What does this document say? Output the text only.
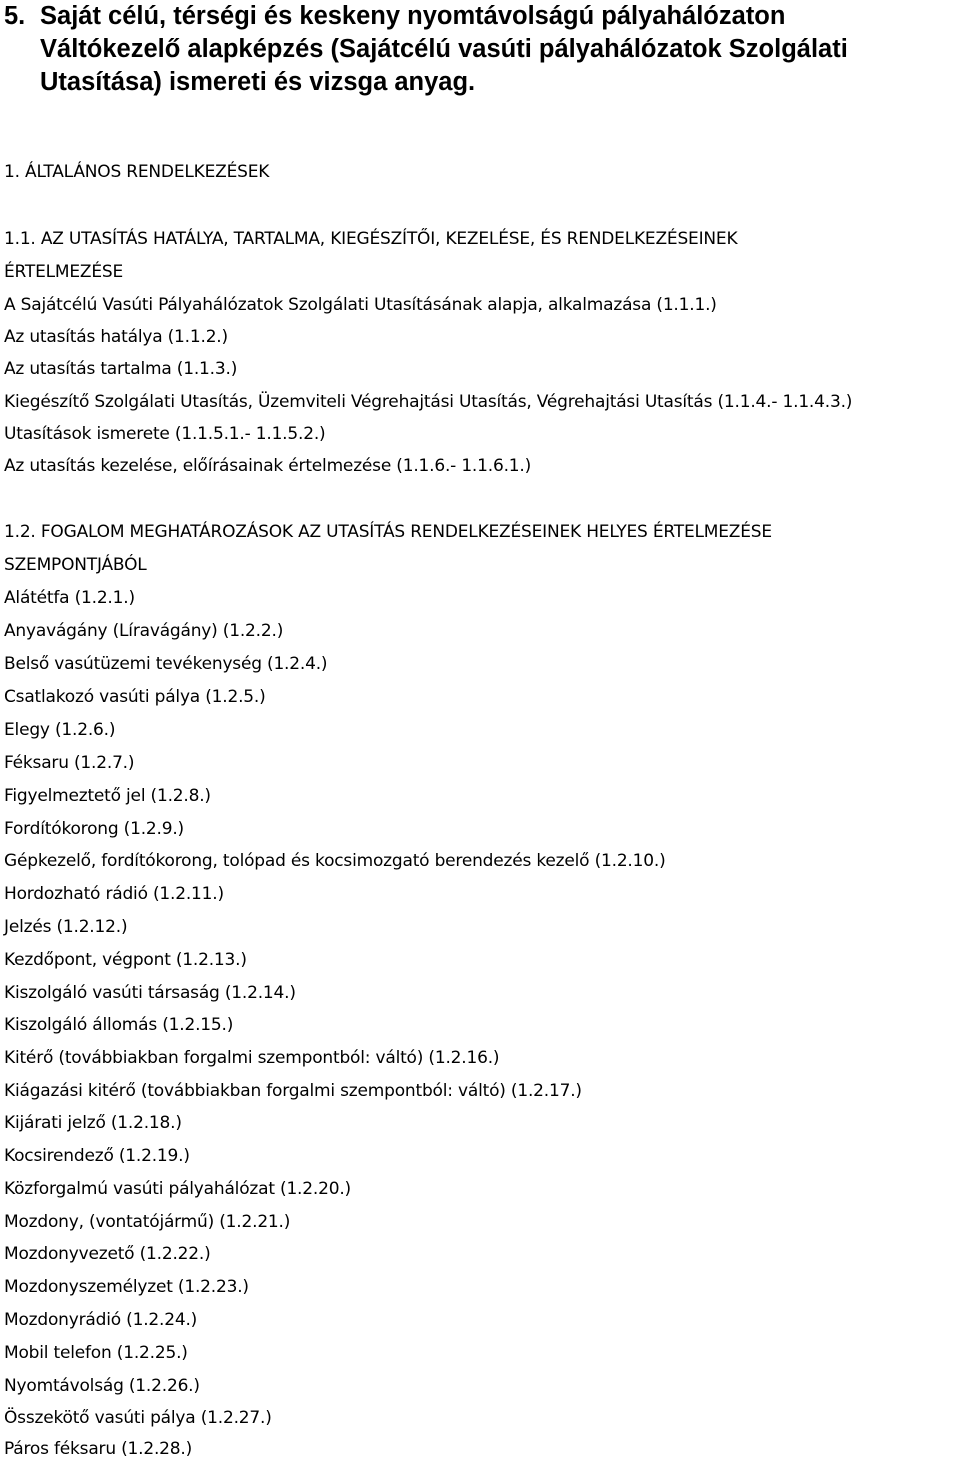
5. Saját célú, térségi és keskeny nyomtávolságú pályahálózaton
Váltókezelő alapképzés (Sajátcélú vasúti pályahálózatok Szolgálati
Utasítása) ismereti és vizsga anyag.
1. ÁLTALÁNOS RENDELKEZÉSEK
1.1. AZ UTASÍTÁS HATÁLYA, TARTALMA, KIEGÉSZÍTŐI, KEZELÉSE, ÉS RENDELKEZÉSEINEK
ÉRTELMEZÉSE
A Sajátcélú Vasúti Pályahálózatok Szolgálati Utasításának alapja, alkalmazása (1.1.1.)
Az utasítás hatálya (1.1.2.)
Az utasítás tartalma (1.1.3.)
Kiegészítő Szolgálati Utasítás, Üzemviteli Végrehajtási Utasítás, Végrehajtási Utasítás (1.1.4.- 1.1.4.3.)
Utasítások ismerete (1.1.5.1.- 1.1.5.2.)
Az utasítás kezelése, előírásainak értelmezése (1.1.6.- 1.1.6.1.)
1.2. FOGALOM MEGHATÁROZÁSOK AZ UTASÍTÁS RENDELKEZÉSEINEK HELYES ÉRTELMEZÉSE
SZEMPONTJÁBÓL
Alátétfa (1.2.1.)
Anyavágány (Líravágány) (1.2.2.)
Belső vasútüzemi tevékenység (1.2.4.)
Csatlakozó vasúti pálya (1.2.5.)
Elegy (1.2.6.)
Féksaru (1.2.7.)
Figyelmeztető jel (1.2.8.)
Fordítókorong (1.2.9.)
Gépkezelő, fordítókorong, tolópad és kocsimozgató berendezés kezelő (1.2.10.)
Hordozható rádió (1.2.11.)
Jelzés (1.2.12.)
Kezdőpont, végpont (1.2.13.)
Kiszolgáló vasúti társaság (1.2.14.)
Kiszolgáló állomás (1.2.15.)
Kitérő (továbbiakban forgalmi szempontból: váltó) (1.2.16.)
Kiágazási kitérő (továbbiakban forgalmi szempontból: váltó) (1.2.17.)
Kijárati jelző (1.2.18.)
Kocsirendező (1.2.19.)
Közforgalmú vasúti pályahálózat (1.2.20.)
Mozdony, (vontatójármű) (1.2.21.)
Mozdonyvezető (1.2.22.)
Mozdonyszemélyzet (1.2.23.)
Mozdonyrádió (1.2.24.)
Mobil telefon (1.2.25.)
Nyomtávolság (1.2.26.)
Összekötő vasúti pálya (1.2.27.)
Páros féksaru (1.2.28.)
